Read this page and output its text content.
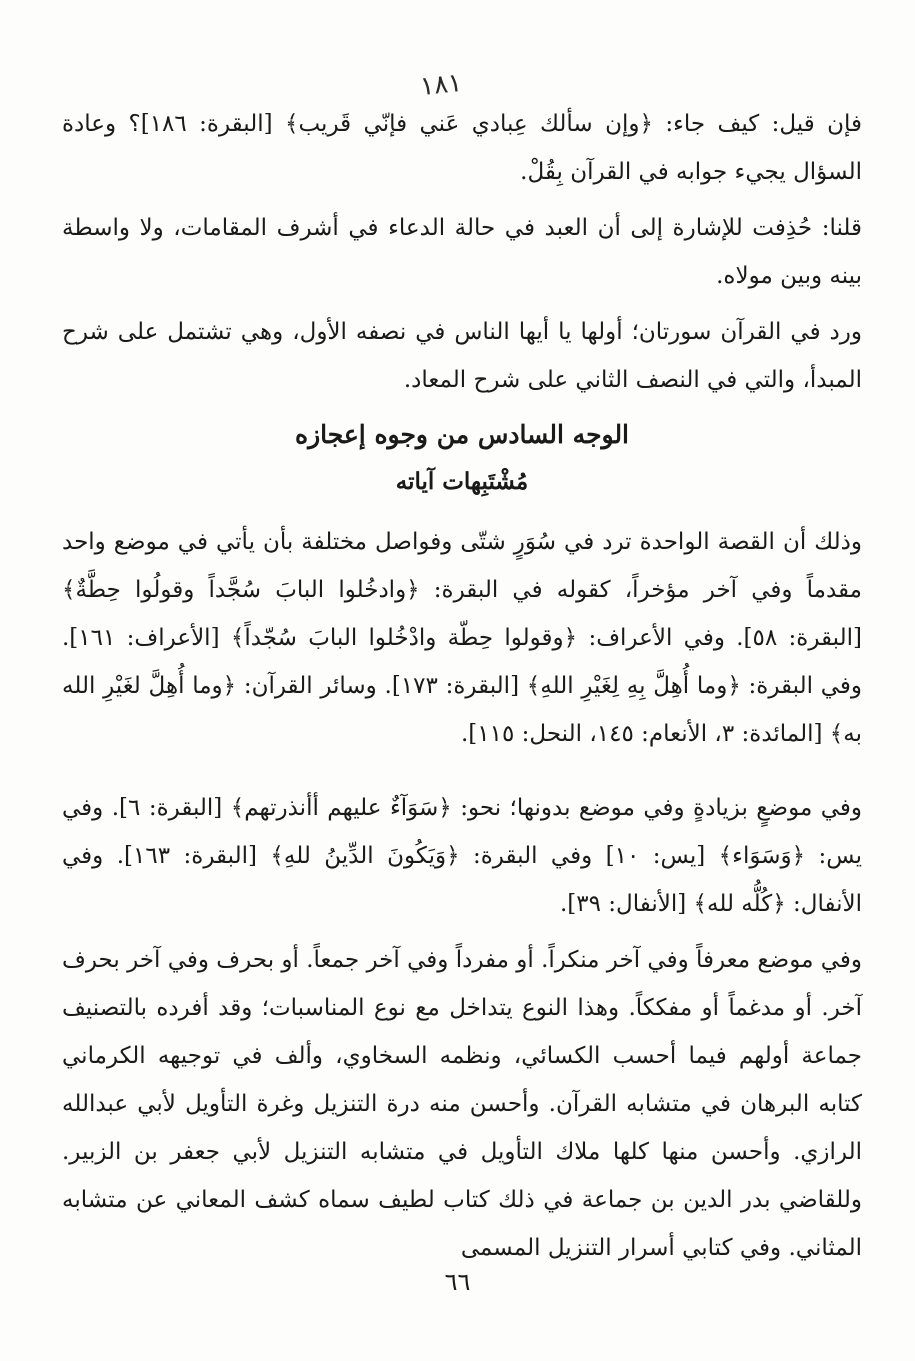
١٨١

فإن قيل: كيف جاء: ﴿وإن سألك عِبادي عَني فإنّي قَريب﴾ [البقرة: ١٨٦]؟ وعادة السؤال يجيء جوابه في القرآن بِقُلْ.

قلنا: حُذِفت للإشارة إلى أن العبد في حالة الدعاء في أشرف المقامات، ولا واسطة بينه وبين مولاه.

ورد في القرآن سورتان؛ أولها يا أيها الناس في نصفه الأول، وهي تشتمل على شرح المبدأ، والتي في النصف الثاني على شرح المعاد.

الوجه السادس من وجوه إعجازه
مُشْتَبِهات آياته

وذلك أن القصة الواحدة ترد في سُوَرٍ شتّى وفواصل مختلفة بأن يأتي في موضع واحد مقدماً وفي آخر مؤخراً، كقوله في البقرة: ﴿وادخُلوا البابَ سُجَّداً وقولُوا حِطَّةٌ﴾ [البقرة: ٥٨]. وفي الأعراف: ﴿وقولوا حِطّة وادْخُلوا البابَ سُجّداً﴾ [الأعراف: ١٦١]. وفي البقرة: ﴿وما أُهِلَّ بِهِ لِغَيْرِ اللهِ﴾ [البقرة: ١٧٣]. وسائر القرآن: ﴿وما أُهِلَّ لغَيْرِ الله به﴾ [المائدة: ٣، الأنعام: ١٤٥، النحل: ١١٥].

وفي موضعٍ بزيادةٍ وفي موضع بدونها؛ نحو: ﴿سَوَآءٌ عليهم أأنذرتهم﴾ [البقرة: ٦]. وفي يس: ﴿وَسَوَاء﴾ [يس: ١٠] وفي البقرة: ﴿وَيَكُونَ الدِّينُ للهِ﴾ [البقرة: ١٦٣]. وفي الأنفال: ﴿كُلُّه لله﴾ [الأنفال: ٣٩].

وفي موضع معرفاً وفي آخر منكراً. أو مفرداً وفي آخر جمعاً. أو بحرف وفي آخر بحرف آخر. أو مدغماً أو مفككاً. وهذا النوع يتداخل مع نوع المناسبات؛ وقد أفرده بالتصنيف جماعة أولهم فيما أحسب الكسائي، ونظمه السخاوي، وألف في توجيهه الكرماني كتابه البرهان في متشابه القرآن. وأحسن منه درة التنزيل وغرة التأويل لأبي عبدالله الرازي. وأحسن منها كلها ملاك التأويل في متشابه التنزيل لأبي جعفر بن الزبير. وللقاضي بدر الدين بن جماعة في ذلك كتاب لطيف سماه كشف المعاني عن متشابه المثاني. وفي كتابي أسرار التنزيل المسمى

٦٦
